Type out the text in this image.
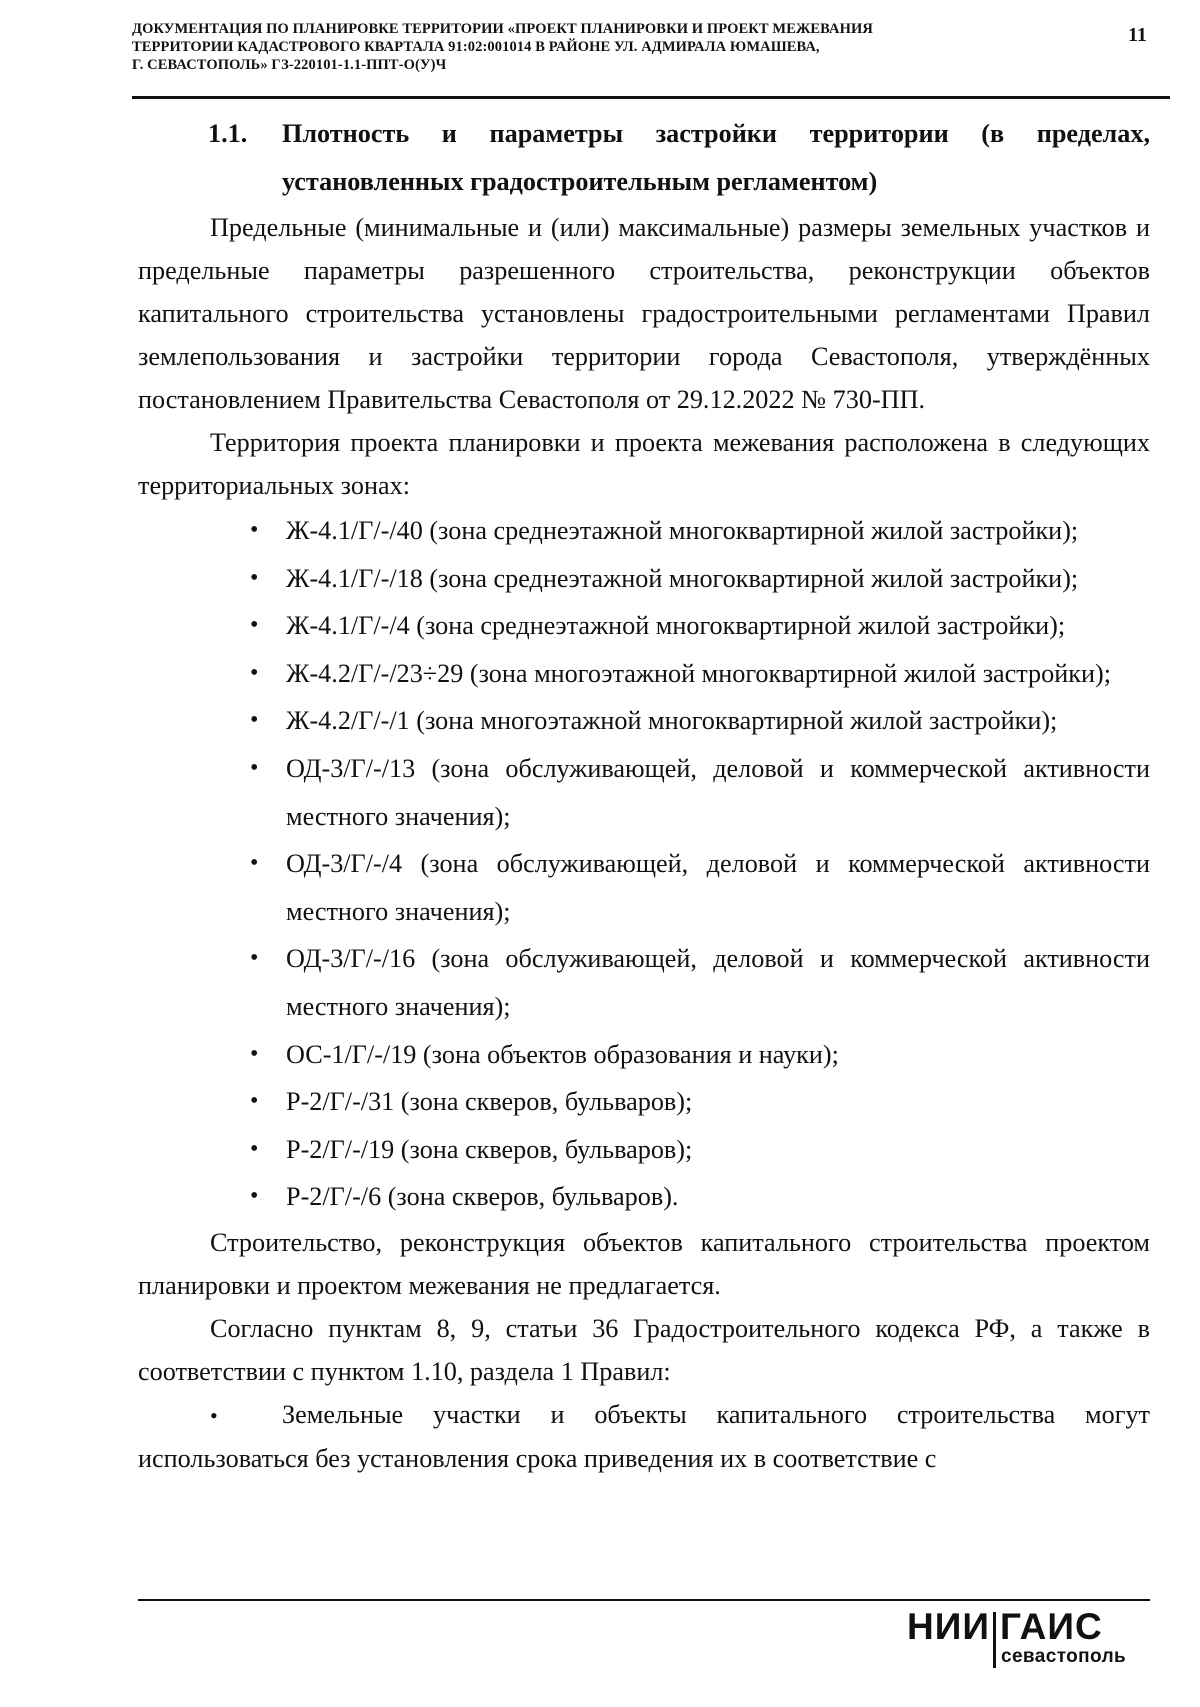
ДОКУМЕНТАЦИЯ ПО ПЛАНИРОВКЕ ТЕРРИТОРИИ «ПРОЕКТ ПЛАНИРОВКИ И ПРОЕКТ МЕЖЕВАНИЯ
ТЕРРИТОРИИ КАДАСТРОВОГО КВАРТАЛА 91:02:001014 В РАЙОНЕ УЛ. АДМИРАЛА ЮМАШЕВА,
Г. СЕВАСТОПОЛЬ» ГЗ-220101-1.1-ППТ-О(У)Ч
11
1.1. Плотность и параметры застройки территории (в пределах, установленных градостроительным регламентом)

Предельные (минимальные и (или) максимальные) размеры земельных участков и предельные параметры разрешенного строительства, реконструкции объектов капитального строительства установлены градостроительными регламентами Правил землепользования и застройки территории города Севастополя, утверждённых постановлением Правительства Севастополя от 29.12.2022 № 730-ПП.

Территория проекта планировки и проекта межевания расположена в следующих территориальных зонах:

• Ж-4.1/Г/-/40 (зона среднеэтажной многоквартирной жилой застройки);
• Ж-4.1/Г/-/18 (зона среднеэтажной многоквартирной жилой застройки);
• Ж-4.1/Г/-/4 (зона среднеэтажной многоквартирной жилой застройки);
• Ж-4.2/Г/-/23÷29 (зона многоэтажной многоквартирной жилой застройки);
• Ж-4.2/Г/-/1 (зона многоэтажной многоквартирной жилой застройки);
• ОД-3/Г/-/13 (зона обслуживающей, деловой и коммерческой активности местного значения);
• ОД-3/Г/-/4 (зона обслуживающей, деловой и коммерческой активности местного значения);
• ОД-3/Г/-/16 (зона обслуживающей, деловой и коммерческой активности местного значения);
• ОС-1/Г/-/19 (зона объектов образования и науки);
• Р-2/Г/-/31 (зона скверов, бульваров);
• Р-2/Г/-/19 (зона скверов, бульваров);
• Р-2/Г/-/6 (зона скверов, бульваров).

Строительство, реконструкция объектов капитального строительства проектом планировки и проектом межевания не предлагается.

Согласно пунктам 8, 9, статьи 36 Градостроительного кодекса РФ, а также в соответствии с пунктом 1.10, раздела 1 Правил:

• Земельные участки и объекты капитального строительства могут использоваться без установления срока приведения их в соответствие с

НИИ ГАИС
севастополь
